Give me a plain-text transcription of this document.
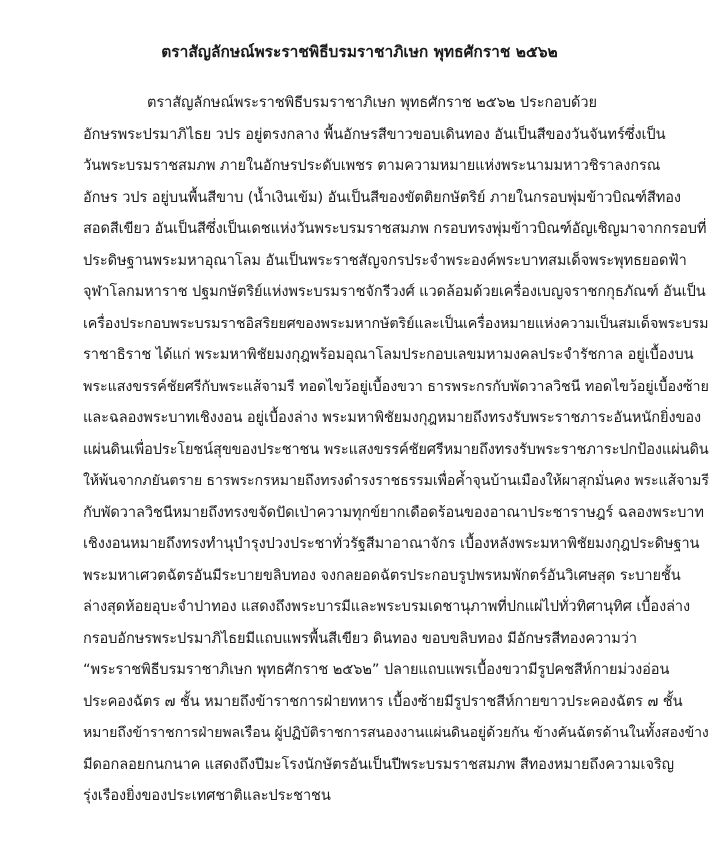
ตราสัญลักษณ์พระราชพิธีบรมราชาภิเษก พุทธศักราช ๒๕๖๒
ตราสัญลักษณ์พระราชพิธีบรมราชาภิเษก พุทธศักราช ๒๕๖๒ ประกอบด้วย
อักษรพระปรมาภิไธย วปร อยู่ตรงกลาง พื้นอักษรสีขาวขอบเดินทอง อันเป็นสีของวันจันทร์ซึ่งเป็น
วันพระบรมราชสมภพ ภายในอักษรประดับเพชร ตามความหมายแห่งพระนามมหาวชิราลงกรณ
อักษร วปร อยู่บนพื้นสีขาบ (น้ำเงินเข้ม) อันเป็นสีของขัตติยกษัตริย์ ภายในกรอบพุ่มข้าวบิณฑ์สีทอง
สอดสีเขียว อันเป็นสีซึ่งเป็นเดชแห่งวันพระบรมราชสมภพ กรอบทรงพุ่มข้าวบิณฑ์อัญเชิญมาจากกรอบที่
ประดิษฐานพระมหาอุณาโลม อันเป็นพระราชสัญจกรประจำพระองค์พระบาทสมเด็จพระพุทธยอดฟ้า
จุฬาโลกมหาราช ปฐมกษัตริย์แห่งพระบรมราชจักรีวงศ์ แวดล้อมด้วยเครื่องเบญจราชกกุธภัณฑ์ อันเป็น
เครื่องประกอบพระบรมราชอิสริยยศของพระมหากษัตริย์และเป็นเครื่องหมายแห่งความเป็นสมเด็จพระบรม
ราชาธิราช ได้แก่ พระมหาพิชัยมงกุฎพร้อมอุณาโลมประกอบเลขมหามงคลประจำรัชกาล อยู่เบื้องบน
พระแสงขรรค์ชัยศรีกับพระแส้จามรี ทอดไขว้อยู่เบื้องขวา ธารพระกรกับพัดวาลวิชนี ทอดไขว้อยู่เบื้องซ้าย
และฉลองพระบาทเชิงงอน อยู่เบื้องล่าง พระมหาพิชัยมงกุฎหมายถึงทรงรับพระราชภาระอันหนักยิ่งของ
แผ่นดินเพื่อประโยชน์สุขของประชาชน พระแสงขรรค์ชัยศรีหมายถึงทรงรับพระราชภาระปกป้องแผ่นดิน
ให้พ้นจากภยันตราย ธารพระกรหมายถึงทรงดำรงราชธรรมเพื่อค้ำจุนบ้านเมืองให้ผาสุกมั่นคง พระแส้จามรี
กับพัดวาลวิชนีหมายถึงทรงขจัดปัดเป่าความทุกข์ยากเดือดร้อนของอาณาประชาราษฎร์ ฉลองพระบาท
เชิงงอนหมายถึงทรงทำนุบำรุงปวงประชาทั่วรัฐสีมาอาณาจักร เบื้องหลังพระมหาพิชัยมงกุฎประดิษฐาน
พระมหาเศวตฉัตรอันมีระบายขลิบทอง จงกลยอดฉัตรประกอบรูปพรหมพักตร์อันวิเศษสุด ระบายชั้น
ล่างสุดห้อยอุบะจำปาทอง แสดงถึงพระบารมีและพระบรมเดชานุภาพที่ปกแผ่ไปทั่วทิศานุทิศ เบื้องล่าง
กรอบอักษรพระปรมาภิไธยมีแถบแพรพื้นสีเขียว ดินทอง ขอบขลิบทอง มีอักษรสีทองความว่า
“พระราชพิธีบรมราชาภิเษก พุทธศักราช ๒๕๖๒” ปลายแถบแพรเบื้องขวามีรูปคชสีห์กายม่วงอ่อน
ประคองฉัตร ๗ ชั้น หมายถึงข้าราชการฝ่ายทหาร เบื้องซ้ายมีรูปราชสีห์กายขาวประคองฉัตร ๗ ชั้น
หมายถึงข้าราชการฝ่ายพลเรือน ผู้ปฏิบัติราชการสนองงานแผ่นดินอยู่ด้วยกัน ข้างคันฉัตรด้านในทั้งสองข้าง
มีดอกลอยกนกนาค แสดงถึงปีมะโรงนักษัตรอันเป็นปีพระบรมราชสมภพ สีทองหมายถึงความเจริญ
รุ่งเรืองยิ่งของประเทศชาติและประชาชน
